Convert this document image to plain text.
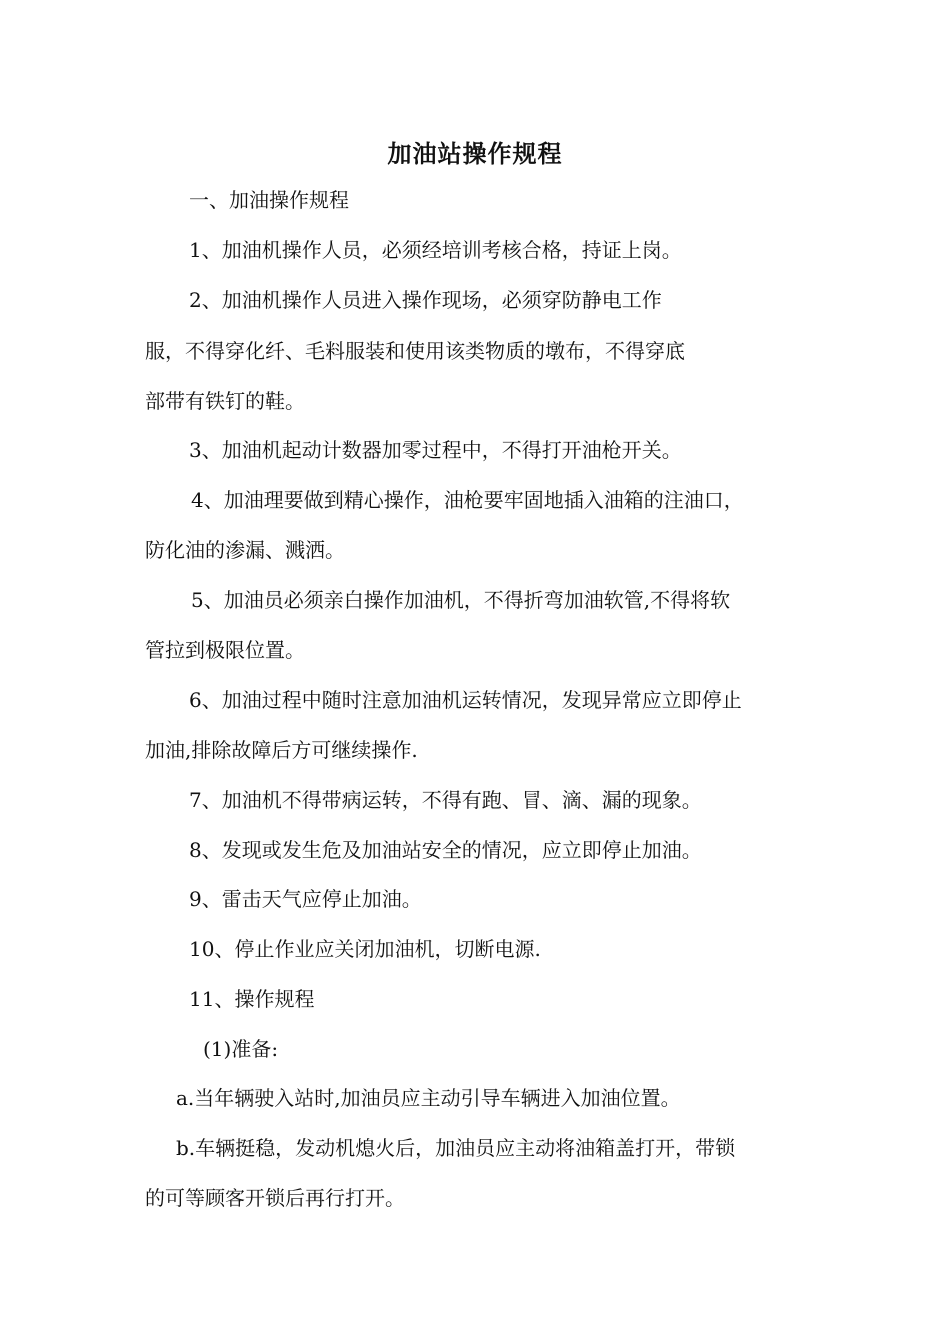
加油站操作规程
一、加油操作规程
1、加油机操作人员，必须经培训考核合格，持证上岗。
2、加油机操作人员进入操作现场，必须穿防静电工作
服，不得穿化纤、毛料服装和使用该类物质的墩布，不得穿底
部带有铁钉的鞋。
3、加油机起动计数器加零过程中，不得打开油枪开关。
4、加油理要做到精心操作，油枪要牢固地插入油箱的注油口，
防化油的渗漏、溅洒。
5、加油员必须亲白操作加油机，不得折弯加油软管,不得将软
管拉到极限位置。
6、加油过程中随时注意加油机运转情况，发现异常应立即停止
加油,排除故障后方可继续操作.
7、加油机不得带病运转，不得有跑、冒、滴、漏的现象。
8、发现或发生危及加油站安全的情况，应立即停止加油。
9、雷击天气应停止加油。
10、停止作业应关闭加油机，切断电源.
11、操作规程
(1)准备:
a.当年辆驶入站时,加油员应主动引导车辆进入加油位置。
b.车辆挺稳，发动机熄火后，加油员应主动将油箱盖打开，带锁
的可等顾客开锁后再行打开。
